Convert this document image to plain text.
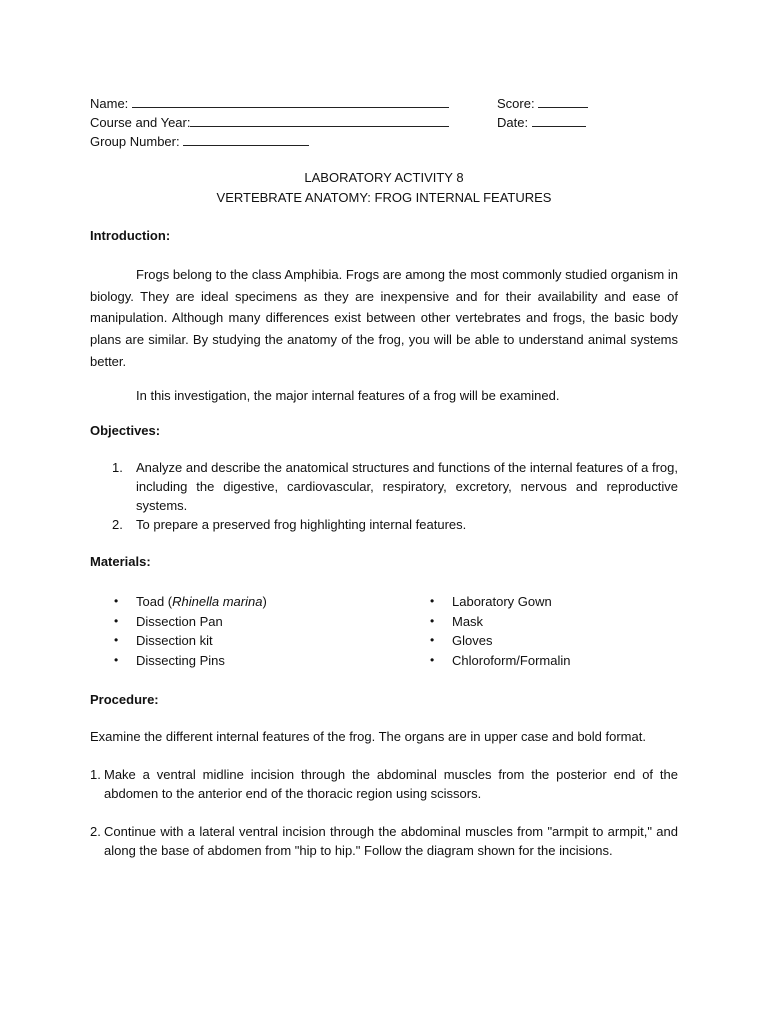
Name:
Course and Year:
Group Number:
Score:
Date:
LABORATORY ACTIVITY 8
VERTEBRATE ANATOMY: FROG INTERNAL FEATURES
Introduction:
Frogs belong to the class Amphibia. Frogs are among the most commonly studied organism in biology. They are ideal specimens as they are inexpensive and for their availability and ease of manipulation. Although many differences exist between other vertebrates and frogs, the basic body plans are similar. By studying the anatomy of the frog, you will be able to understand animal systems better.
In this investigation, the major internal features of a frog will be examined.
Objectives:
1. Analyze and describe the anatomical structures and functions of the internal features of a frog, including the digestive, cardiovascular, respiratory, excretory, nervous and reproductive systems.
2. To prepare a preserved frog highlighting internal features.
Materials:
• Toad (Rhinella marina)
• Dissection Pan
• Dissection kit
• Dissecting Pins
• Laboratory Gown
• Mask
• Gloves
• Chloroform/Formalin
Procedure:
Examine the different internal features of the frog. The organs are in upper case and bold format.
1. Make a ventral midline incision through the abdominal muscles from the posterior end of the abdomen to the anterior end of the thoracic region using scissors.
2. Continue with a lateral ventral incision through the abdominal muscles from "armpit to armpit," and along the base of abdomen from "hip to hip." Follow the diagram shown for the incisions.
